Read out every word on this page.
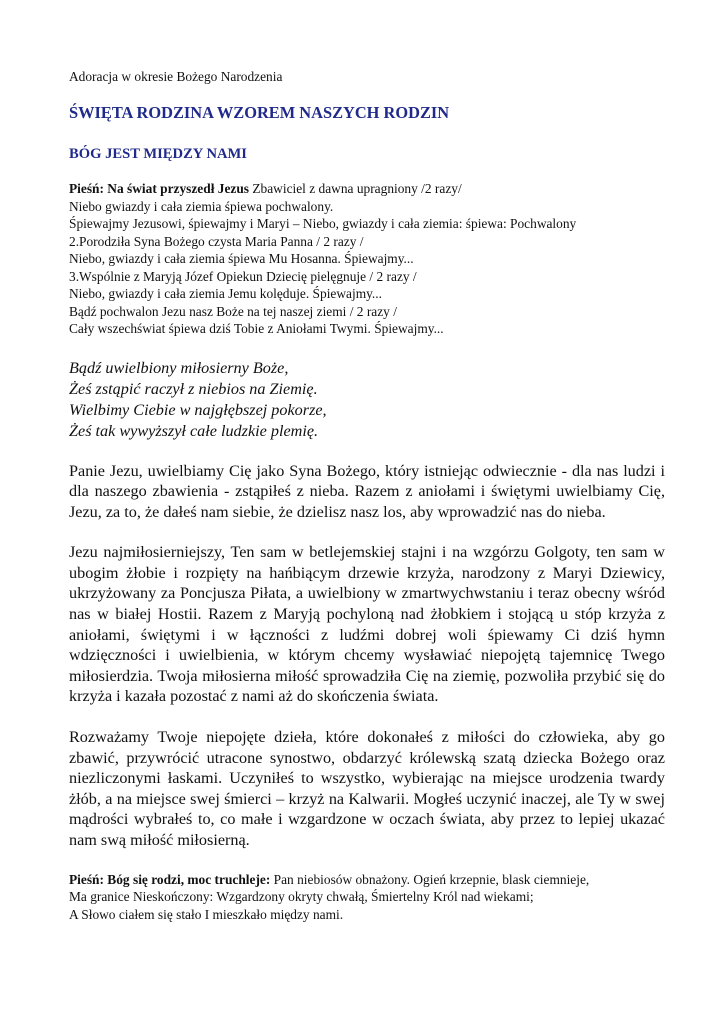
Adoracja w okresie Bożego Narodzenia
ŚWIĘTA RODZINA WZOREM NASZYCH RODZIN
BÓG JEST MIĘDZY NAMI
Pieśń: Na świat przyszedł Jezus Zbawiciel z dawna upragniony /2 razy/
Niebo gwiazdy i cała ziemia śpiewa pochwalony.
Śpiewajmy Jezusowi, śpiewajmy i Maryi – Niebo, gwiazdy i cała ziemia: śpiewa: Pochwalony
2.Porodziła Syna Bożego czysta Maria Panna / 2 razy /
Niebo, gwiazdy i cała ziemia śpiewa Mu Hosanna. Śpiewajmy...
3.Wspólnie z Maryją Józef Opiekun Dziecię pielęgnuje / 2 razy /
Niebo, gwiazdy i cała ziemia Jemu kolęduje. Śpiewajmy...
Bądź pochwalon Jezu nasz Boże na tej naszej ziemi / 2 razy /
Cały wszechświat śpiewa dziś Tobie z Aniołami Twymi. Śpiewajmy...
Bądź uwielbiony miłosierny Boże,
Żeś zstąpić raczył z niebios na Ziemię.
Wielbimy Ciebie w najgłębszej pokorze,
Żeś tak wywyższył całe ludzkie plemię.

Panie Jezu, uwielbiamy Cię jako Syna Bożego, który istniejąc odwiecznie - dla nas ludzi i dla naszego zbawienia - zstąpiłeś z nieba. Razem z aniołami i świętymi uwielbiamy Cię, Jezu, za to, że dałeś nam siebie, że dzielisz nasz los, aby wprowadzić nas do nieba.

Jezu najmiłosierniejszy, Ten sam w betlejemskiej stajni i na wzgórzu Golgoty, ten sam w ubogim żłobie i rozpięty na hańbiącym drzewie krzyża, narodzony z Maryi Dziewicy, ukrzyżowany za Poncjusza Piłata, a uwielbiony w zmartwychwstaniu i teraz obecny wśród nas w białej Hostii. Razem z Maryją pochyloną nad żłobkiem i stojącą u stóp krzyża z aniołami, świętymi i w łączności z ludźmi dobrej woli śpiewamy Ci dziś hymn wdzięczności i uwielbienia, w którym chcemy wysławiać niepojętą tajemnicę Twego miłosierdzia. Twoja miłosierna miłość sprowadziła Cię na ziemię, pozwoliła przybić się do krzyża i kazała pozostać z nami aż do skończenia świata.

Rozważamy Twoje niepojęte dzieła, które dokonałeś z miłości do człowieka, aby go zbawić, przywrócić utracone synostwo, obdarzyć królewską szatą dziecka Bożego oraz niezliczonymi łaskami. Uczyniłeś to wszystko, wybierając na miejsce urodzenia twardy żłób, a na miejsce swej śmierci – krzyż na Kalwarii. Mogłeś uczynić inaczej, ale Ty w swej mądrości wybrałeś to, co małe i wzgardzone w oczach świata, aby przez to lepiej ukazać nam swą miłość miłosierną.

Pieśń: Bóg się rodzi, moc truchleje: Pan niebiosów obnażony. Ogień krzepnie, blask ciemnieje,
Ma granice Nieskończony: Wzgardzony okryty chwałą, Śmiertelny Król nad wiekami;
A Słowo ciałem się stało I mieszkało między nami.
